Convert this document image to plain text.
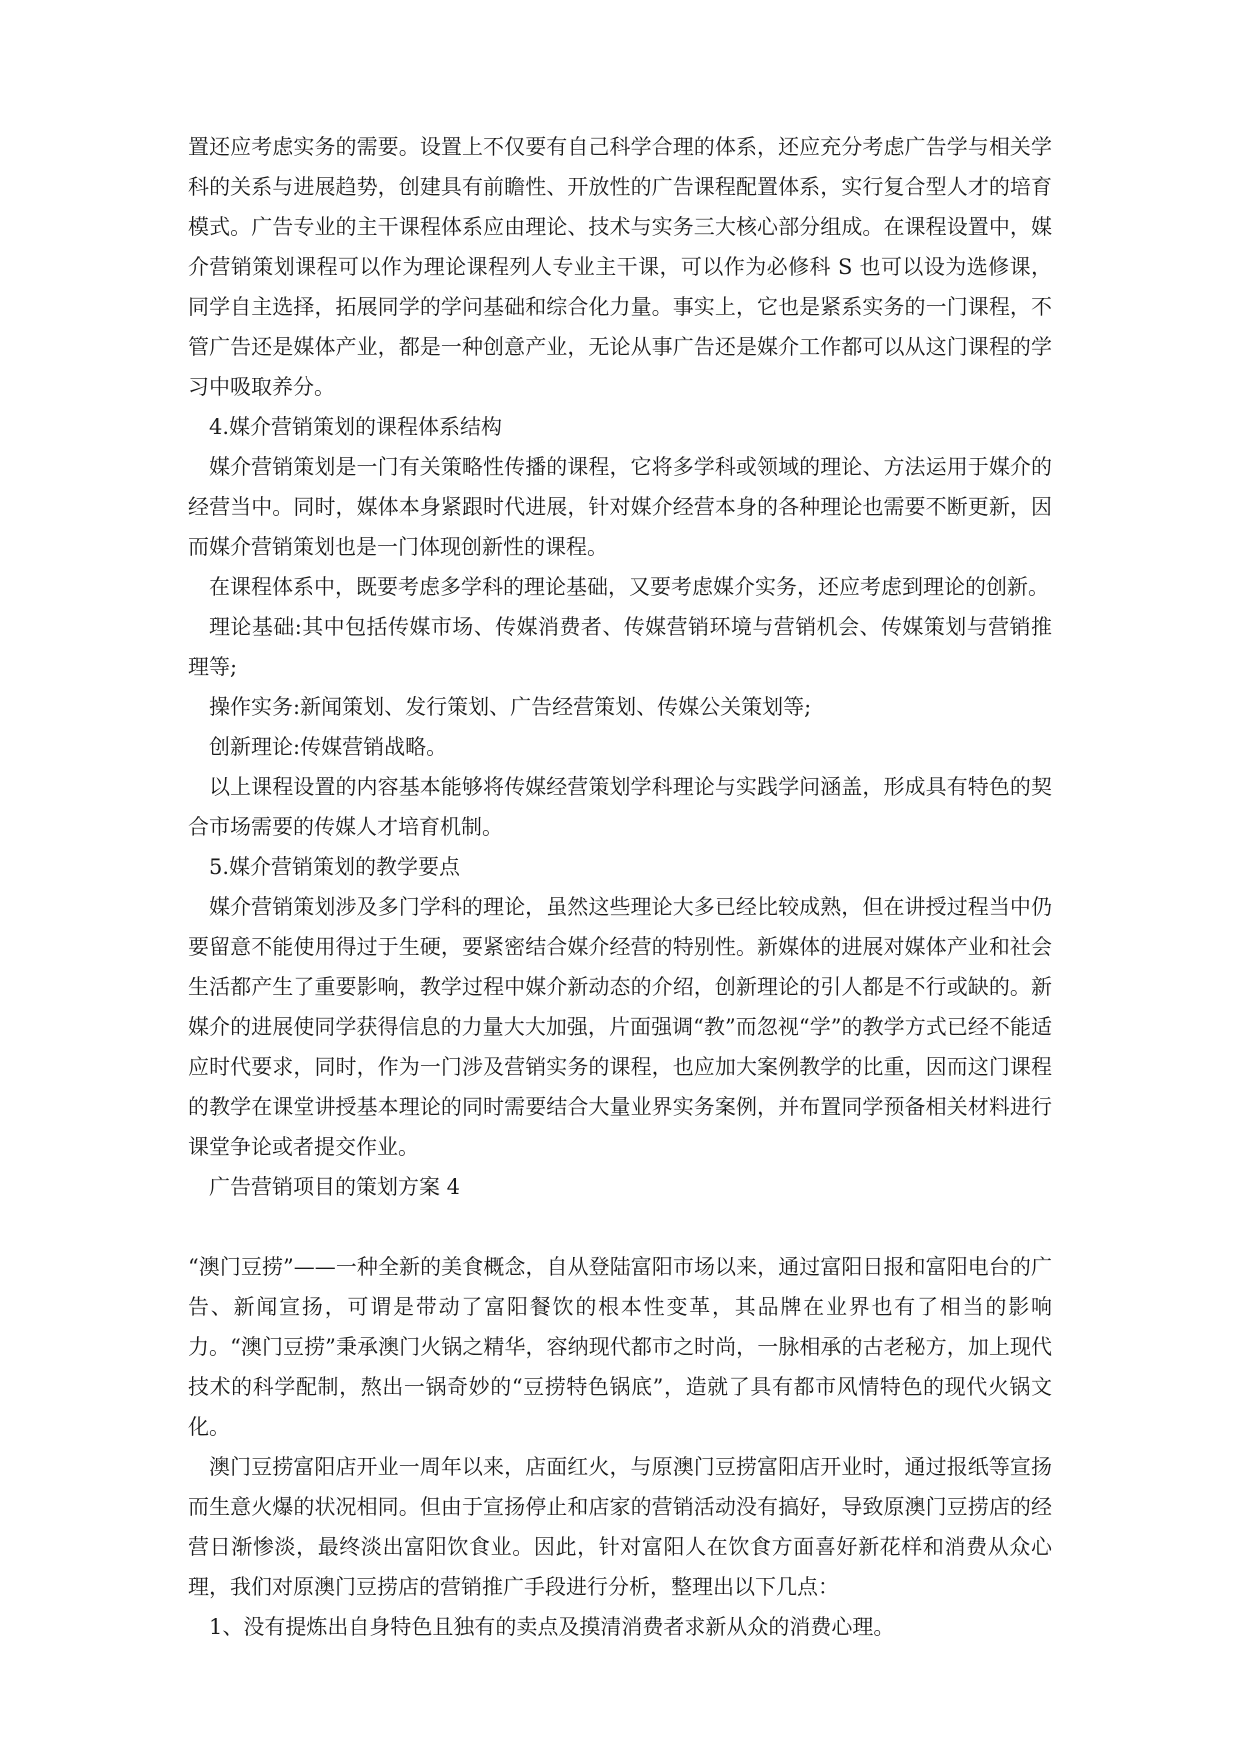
置还应考虑实务的需要。设置上不仅要有自己科学合理的体系，还应充分考虑广告学与相关学科的关系与进展趋势，创建具有前瞻性、开放性的广告课程配置体系，实行复合型人才的培育模式。广告专业的主干课程体系应由理论、技术与实务三大核心部分组成。在课程设置中，媒介营销策划课程可以作为理论课程列人专业主干课，可以作为必修科 S 也可以设为选修课，同学自主选择，拓展同学的学问基础和综合化力量。事实上，它也是紧系实务的一门课程，不管广告还是媒体产业，都是一种创意产业，无论从事广告还是媒介工作都可以从这门课程的学习中吸取养分。

4.媒介营销策划的课程体系结构

媒介营销策划是一门有关策略性传播的课程，它将多学科或领域的理论、方法运用于媒介的经营当中。同时，媒体本身紧跟时代进展，针对媒介经营本身的各种理论也需要不断更新，因而媒介营销策划也是一门体现创新性的课程。

在课程体系中，既要考虑多学科的理论基础，又要考虑媒介实务，还应考虑到理论的创新。

理论基础:其中包括传媒市场、传媒消费者、传媒营销环境与营销机会、传媒策划与营销推理等;

操作实务:新闻策划、发行策划、广告经营策划、传媒公关策划等;

创新理论:传媒营销战略。

以上课程设置的内容基本能够将传媒经营策划学科理论与实践学问涵盖，形成具有特色的契合市场需要的传媒人才培育机制。

5.媒介营销策划的教学要点

媒介营销策划涉及多门学科的理论，虽然这些理论大多已经比较成熟，但在讲授过程当中仍要留意不能使用得过于生硬，要紧密结合媒介经营的特别性。新媒体的进展对媒体产业和社会生活都产生了重要影响，教学过程中媒介新动态的介绍，创新理论的引人都是不行或缺的。新媒介的进展使同学获得信息的力量大大加强，片面强调“教”而忽视“学”的教学方式已经不能适应时代要求，同时，作为一门涉及营销实务的课程，也应加大案例教学的比重，因而这门课程的教学在课堂讲授基本理论的同时需要结合大量业界实务案例，并布置同学预备相关材料进行课堂争论或者提交作业。

广告营销项目的策划方案 4

“澳门豆捞”——一种全新的美食概念，自从登陆富阳市场以来，通过富阳日报和富阳电台的广告、新闻宣扬，可谓是带动了富阳餐饮的根本性变革，其品牌在业界也有了相当的影响力。“澳门豆捞”秉承澳门火锅之精华，容纳现代都市之时尚，一脉相承的古老秘方，加上现代技术的科学配制，熬出一锅奇妙的“豆捞特色锅底”，造就了具有都市风情特色的现代火锅文化。

澳门豆捞富阳店开业一周年以来，店面红火，与原澳门豆捞富阳店开业时，通过报纸等宣扬而生意火爆的状况相同。但由于宣扬停止和店家的营销活动没有搞好，导致原澳门豆捞店的经营日渐惨淡，最终淡出富阳饮食业。因此，针对富阳人在饮食方面喜好新花样和消费从众心理，我们对原澳门豆捞店的营销推广手段进行分析，整理出以下几点：

1、没有提炼出自身特色且独有的卖点及摸清消费者求新从众的消费心理。
